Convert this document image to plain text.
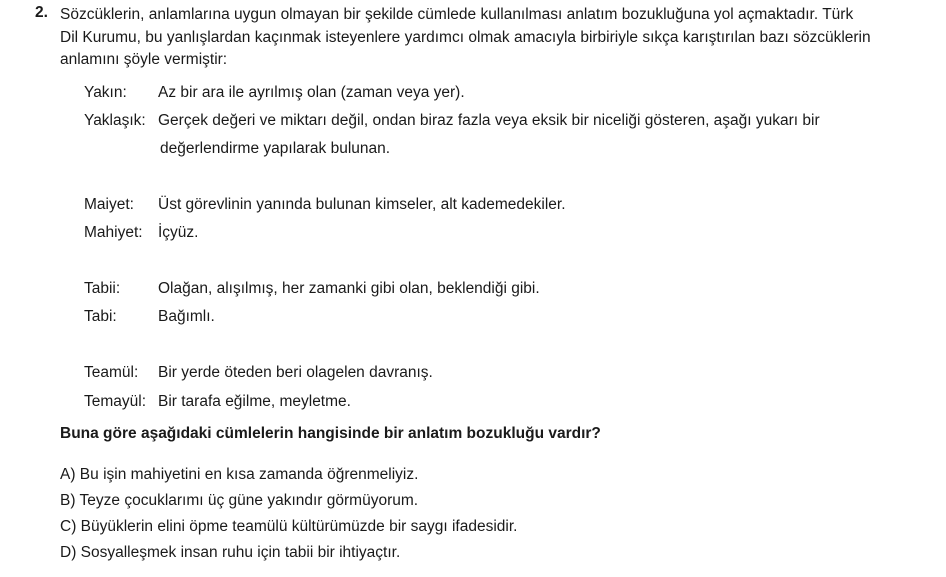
2. Sözcüklerin, anlamlarına uygun olmayan bir şekilde cümlede kullanılması anlatım bozukluğuna yol açmaktadır. Türk
Dil Kurumu, bu yanlışlardan kaçınmak isteyenlere yardımcı olmak amacıyla birbiriyle sıkça karıştırılan bazı sözcüklerin
anlamını şöyle vermiştir:
Yakın: Az bir ara ile ayrılmış olan (zaman veya yer).
Yaklaşık: Gerçek değeri ve miktarı değil, ondan biraz fazla veya eksik bir niceliği gösteren, aşağı yukarı bir
değerlendirme yapılarak bulunan.
Maiyet: Üst görevlinin yanında bulunan kimseler, alt kademedekiler.
Mahiyet: İçyüz.
Tabii: Olağan, alışılmış, her zamanki gibi olan, beklendiği gibi.
Tabi:	Bağımlı.
Teamül: Bir yerde öteden beri olagelen davranış.
Temayül: Bir tarafa eğilme, meyletme.
Buna göre aşağıdaki cümlelerin hangisinde bir anlatım bozukluğu vardır?
A) Bu işin mahiyetini en kısa zamanda öğrenmeliyiz.
B) Teyze çocuklarımı üç güne yakındır görmüyorum.
C) Büyüklerin elini öpme teamülü kültürümüzde bir saygı ifadesidir.
D) Sosyalleşmek insan ruhu için tabii bir ihtiyaçtır.
